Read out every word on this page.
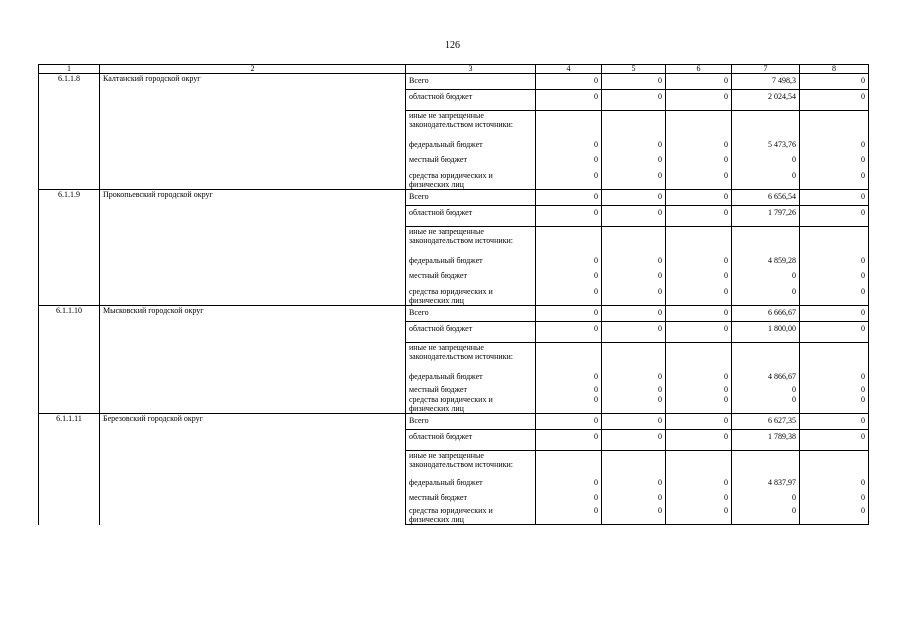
126
1	2	3	4	5	6	7	8
6.1.1.8	Калтанский городской округ	Всего	0	0	0	7 498,3	0
		областной бюджет	0	0	0	2 024,54	0
		иные не запрещенные законодательством источники:					
		федеральный бюджет	0	0	0	5 473,76	0
		местный бюджет	0	0	0	0	0
		средства юридических и физических лиц	0	0	0	0	0
6.1.1.9	Прокопьевский городской округ	Всего	0	0	0	6 656,54	0
		областной бюджет	0	0	0	1 797,26	0
		иные не запрещенные законодательством источники:					
		федеральный бюджет	0	0	0	4 859,28	0
		местный бюджет	0	0	0	0	0
		средства юридических и физических лиц	0	0	0	0	0
6.1.1.10	Мысковский городской округ	Всего	0	0	0	6 666,67	0
		областной бюджет	0	0	0	1 800,00	0
		иные не запрещенные законодательством источники:					
		федеральный бюджет	0	0	0	4 866,67	0
		местный бюджет	0	0	0	0	0
		средства юридических и физических лиц	0	0	0	0	0
6.1.1.11	Березовский городской округ	Всего	0	0	0	6 627,35	0
		областной бюджет	0	0	0	1 789,38	0
		иные не запрещенные законодательством источники:					
		федеральный бюджет	0	0	0	4 837,97	0
		местный бюджет	0	0	0	0	0
		средства юридических и физических лиц	0	0	0	0	0
